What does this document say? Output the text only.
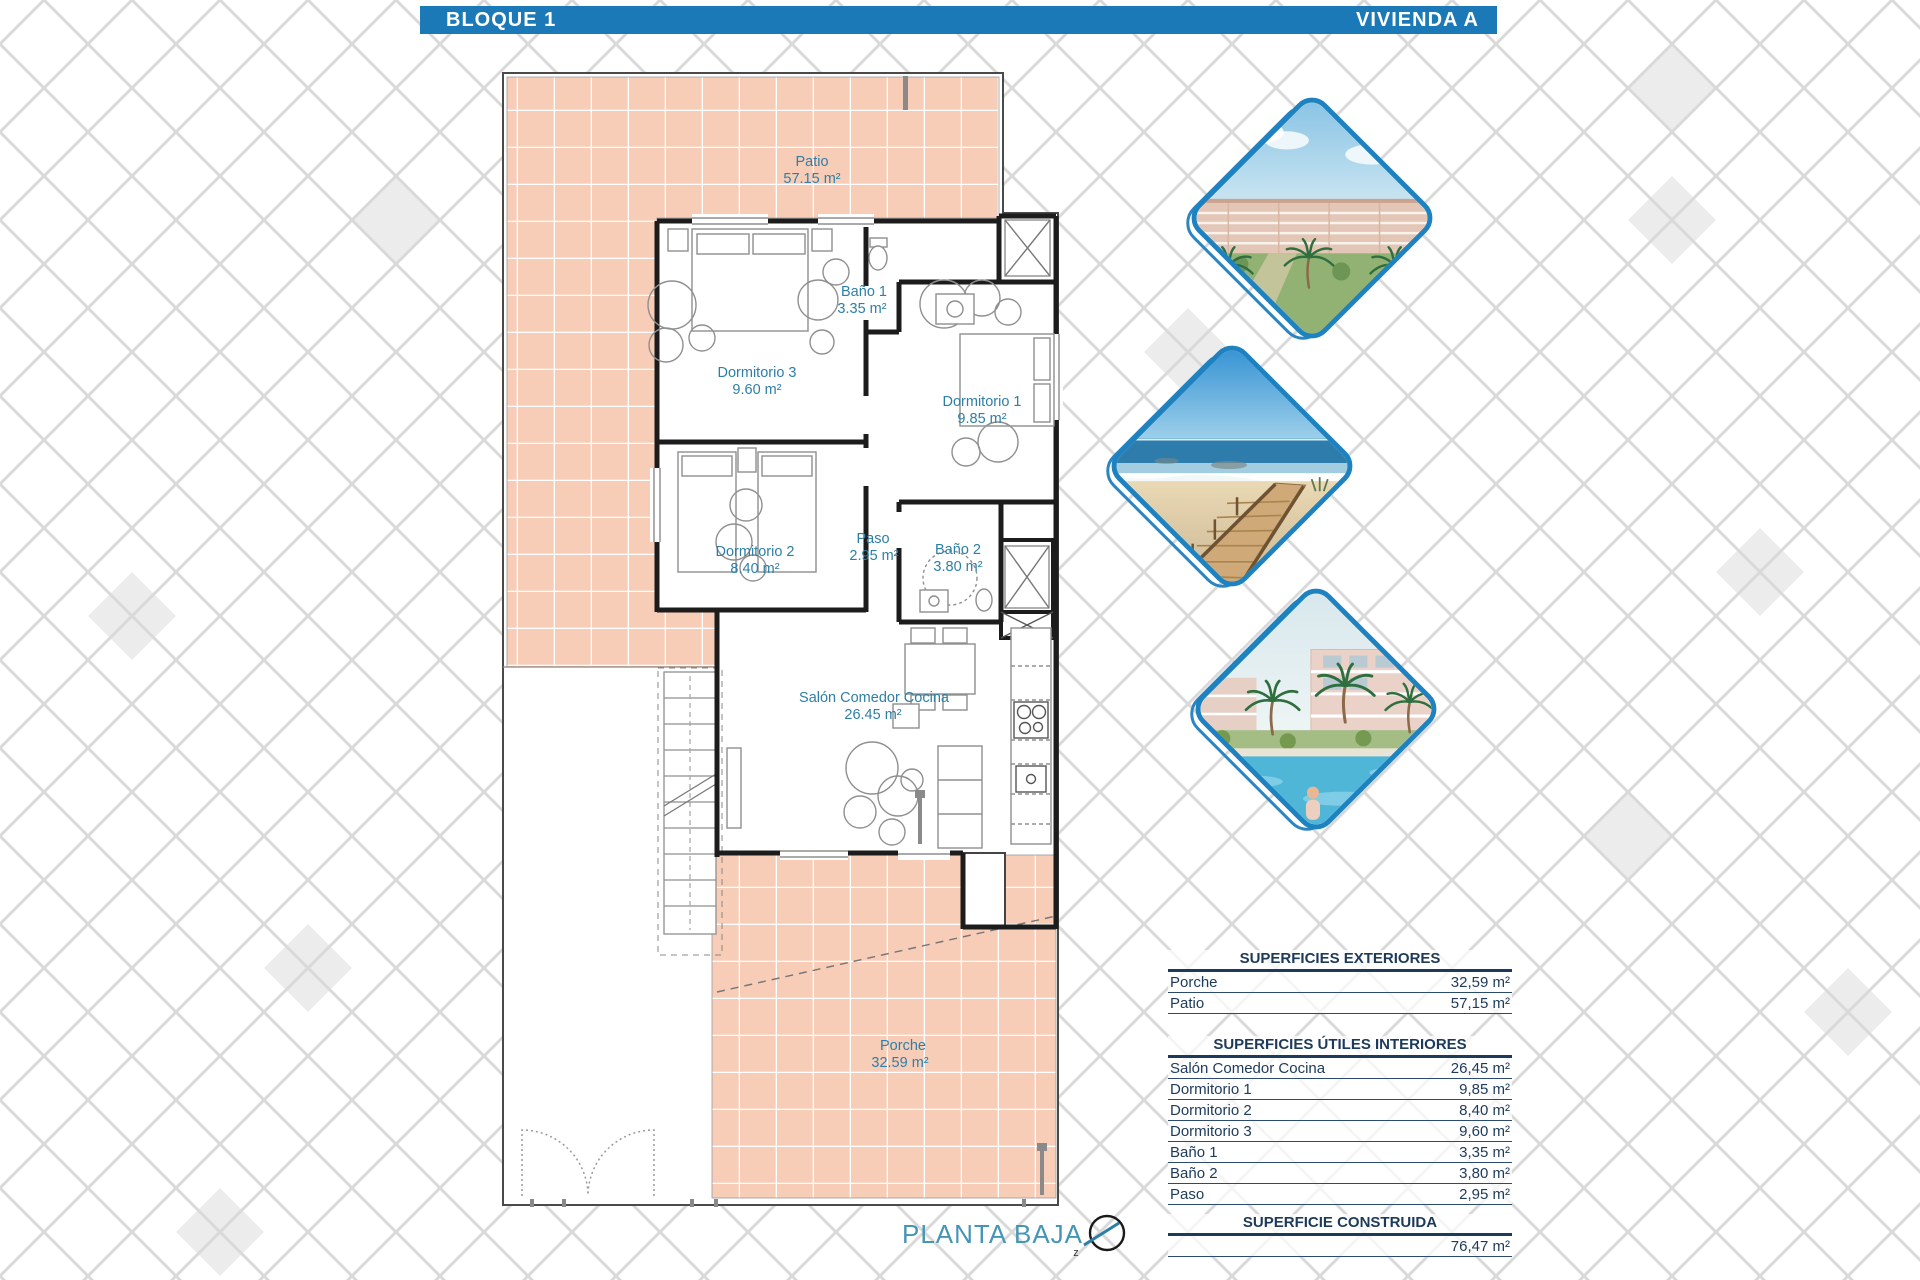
BLOQUE 1	VIVIENDA A
Patio
57.15 m²
Dormitorio 3
9.60 m²
Baño 1
3.35 m²
Dormitorio 1
9.85 m²
Dormitorio 2
8.40 m²
Paso
2.95 m²	Baño 2
3.80 m²
Salón Comedor Cocina
26.45 m²
Porche
32.59 m²
z
PLANTA BAJA
SUPERFICIES EXTERIORES
Porche	32,59 m²
Patio	57,15 m²
SUPERFICIES ÚTILES INTERIORES
Salón Comedor Cocina	26,45 m²
Dormitorio 1	9,85 m²
Dormitorio 2	8,40 m²
Dormitorio 3	9,60 m²
Baño 1	3,35 m²
Baño 2	3,80 m²
Paso	2,95 m²
SUPERFICIE CONSTRUIDA
76,47 m²
